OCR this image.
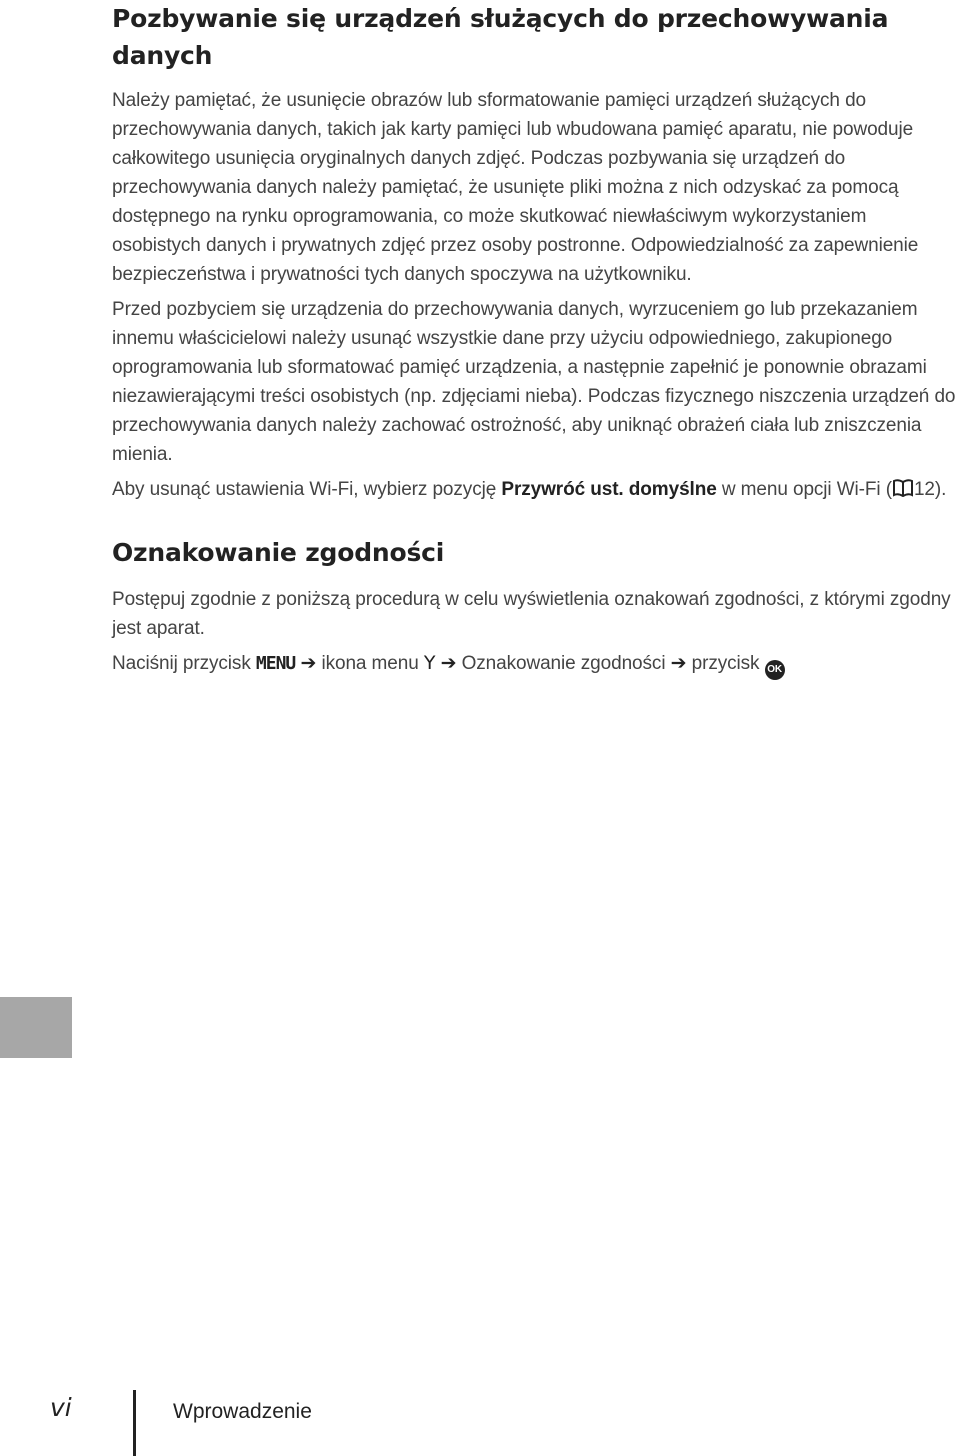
Pozbywanie się urządzeń służących do przechowywania danych

Należy pamiętać, że usunięcie obrazów lub sformatowanie pamięci urządzeń służących do przechowywania danych, takich jak karty pamięci lub wbudowana pamięć aparatu, nie powoduje całkowitego usunięcia oryginalnych danych zdjęć. Podczas pozbywania się urządzeń do przechowywania danych należy pamiętać, że usunięte pliki można z nich odzyskać za pomocą dostępnego na rynku oprogramowania, co może skutkować niewłaściwym wykorzystaniem osobistych danych i prywatnych zdjęć przez osoby postronne. Odpowiedzialność za zapewnienie bezpieczeństwa i prywatności tych danych spoczywa na użytkowniku.

Przed pozbyciem się urządzenia do przechowywania danych, wyrzuceniem go lub przekazaniem innemu właścicielowi należy usunąć wszystkie dane przy użyciu odpowiedniego, zakupionego oprogramowania lub sformatować pamięć urządzenia, a następnie zapełnić je ponownie obrazami niezawierającymi treści osobistych (np. zdjęciami nieba). Podczas fizycznego niszczenia urządzeń do przechowywania danych należy zachować ostrożność, aby uniknąć obrażeń ciała lub zniszczenia mienia.

Aby usunąć ustawienia Wi-Fi, wybierz pozycję Przywróć ust. domyślne w menu opcji Wi-Fi ( 12).

Oznakowanie zgodności

Postępuj zgodnie z poniższą procedurą w celu wyświetlenia oznakowań zgodności, z którymi zgodny jest aparat.

Naciśnij przycisk MENU ➔ ikona menu Y ➔ Oznakowanie zgodności ➔ przycisk OK

vi	Wprowadzenie
